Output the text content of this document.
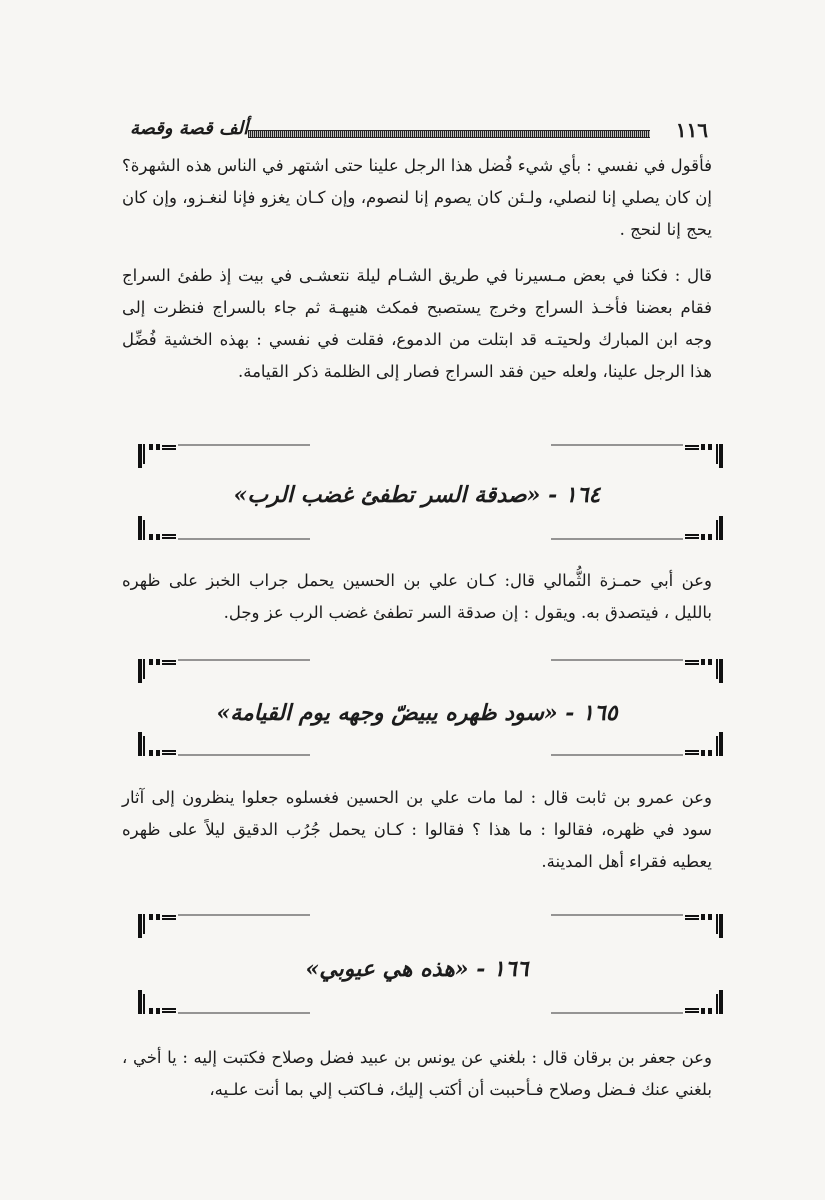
١١٦
ألف قصة وقصة

فأقول في نفسي : بأي شيء فُضل هذا الرجل علينا حتى اشتهر في الناس هذه الشهرة؟ إن كان يصلي إنا لنصلي، ولـئن كان يصوم إنا لنصوم، وإن كـان يغزو فإنا لنغـزو، وإن كان يحج إنا لنحج .

قال : فكنا في بعض مـسيرنا في طريق الشـام ليلة نتعشـى في بيت إذ طفئ السراج فقام بعضنا فأخـذ السراج وخرج يستصبح فمكث هنيهـة ثم جاء بالسراج فنظرت إلى وجه ابن المبارك ولحيتـه قد ابتلت من الدموع، فقلت في نفسي : بهذه الخشية فُضِّل هذا الرجل علينا، ولعله حين فقد السراج فصار إلى الظلمة ذكر القيامة.

١٦٤ - «صدقة السر تطفئ غضب الرب»

وعن أبي حمـزة الثُّمالي قال: كـان علي بن الحسين يحمل جراب الخبز على ظهره بالليل ، فيتصدق به. ويقول : إن صدقة السر تطفئ غضب الرب عز وجل.

١٦٥ - «سود ظهره يبيضّ وجهه يوم القيامة»

وعن عمرو بن ثابت قال : لما مات علي بن الحسين فغسلوه جعلوا ينظرون إلى آثار سود في ظهره، فقالوا : ما هذا ؟ فقالوا : كـان يحمل جُرُب الدقيق ليلاً على ظهره يعطيه فقراء أهل المدينة.

١٦٦ - «هذه هي عيوبي»

وعن جعفر بن برقان قال : بلغني عن يونس بن عبيد فضل وصلاح فكتبت إليه : يا أخي ، بلغني عنك فـضل وصلاح فـأحببت أن أكتب إليك، فـاكتب إلي بما أنت علـيه،
